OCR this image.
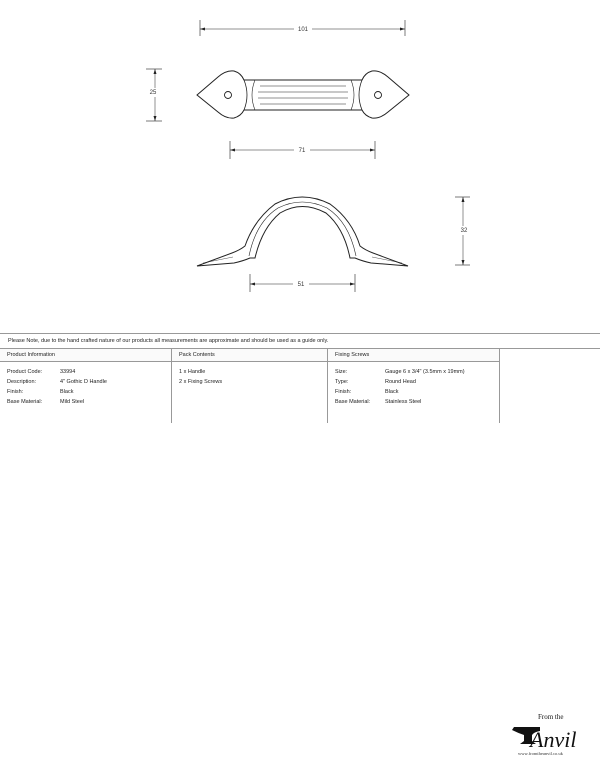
101
25
71
32
51
Please Note, due to the hand crafted nature of our products all measurements are approximate and should be used as a guide only.
Product Information
Product Code:	33994
Description:	4" Gothic D Handle
Finish:	Black
Base Material:	Mild Steel
Pack Contents
1 x Handle
2 x Fixing Screws
Fixing Screws
Size:	Gauge 6 x 3/4" (3.5mm x 19mm)
Type:	Round Head
Finish:	Black
Base Material:	Stainless Steel
From the
Anvil
www.fromtheanvil.co.uk
